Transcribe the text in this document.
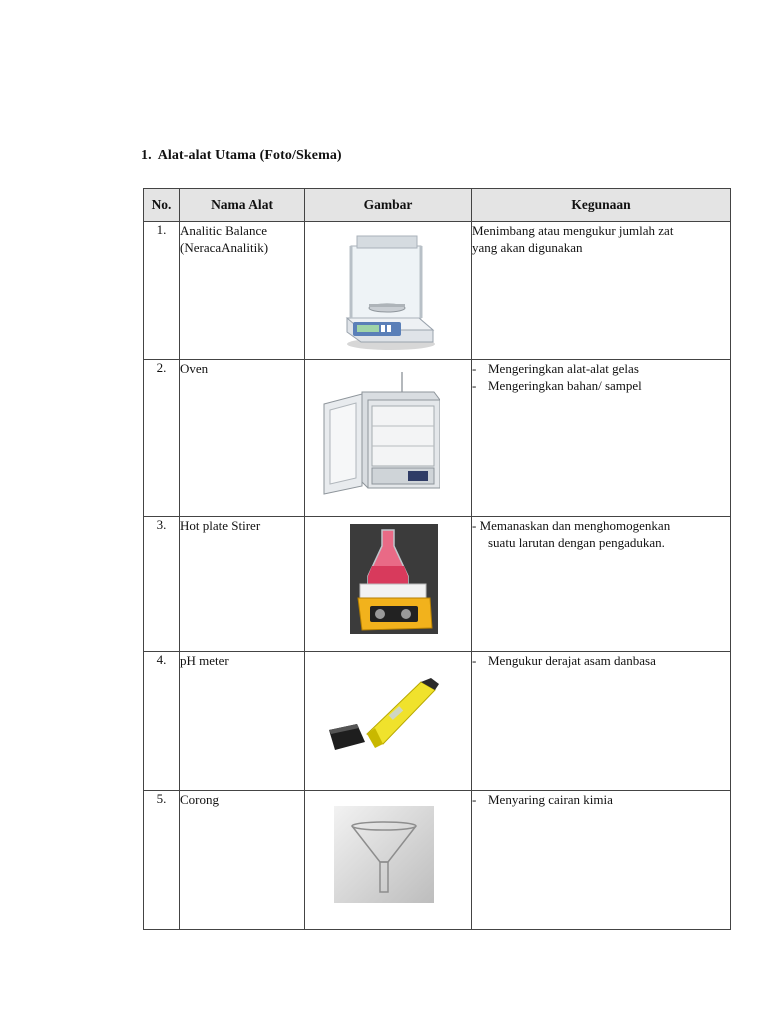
1. Alat-alat Utama (Foto/Skema)
No.	Nama Alat	Gambar	Kegunaan
1.	Analitic Balance
(NeracaAnalitik)		Menimbang atau mengukur jumlah zat
yang akan digunakan

2.	Oven		- Mengeringkan alat-alat gelas
- Mengeringkan bahan/ sampel

3.	Hot plate Stirer		- Memanaskan dan menghomogenkan
suatu larutan dengan pengadukan.

4.	pH meter		- Mengukur derajat asam danbasa

5.	Corong		- Menyaring cairan kimia
